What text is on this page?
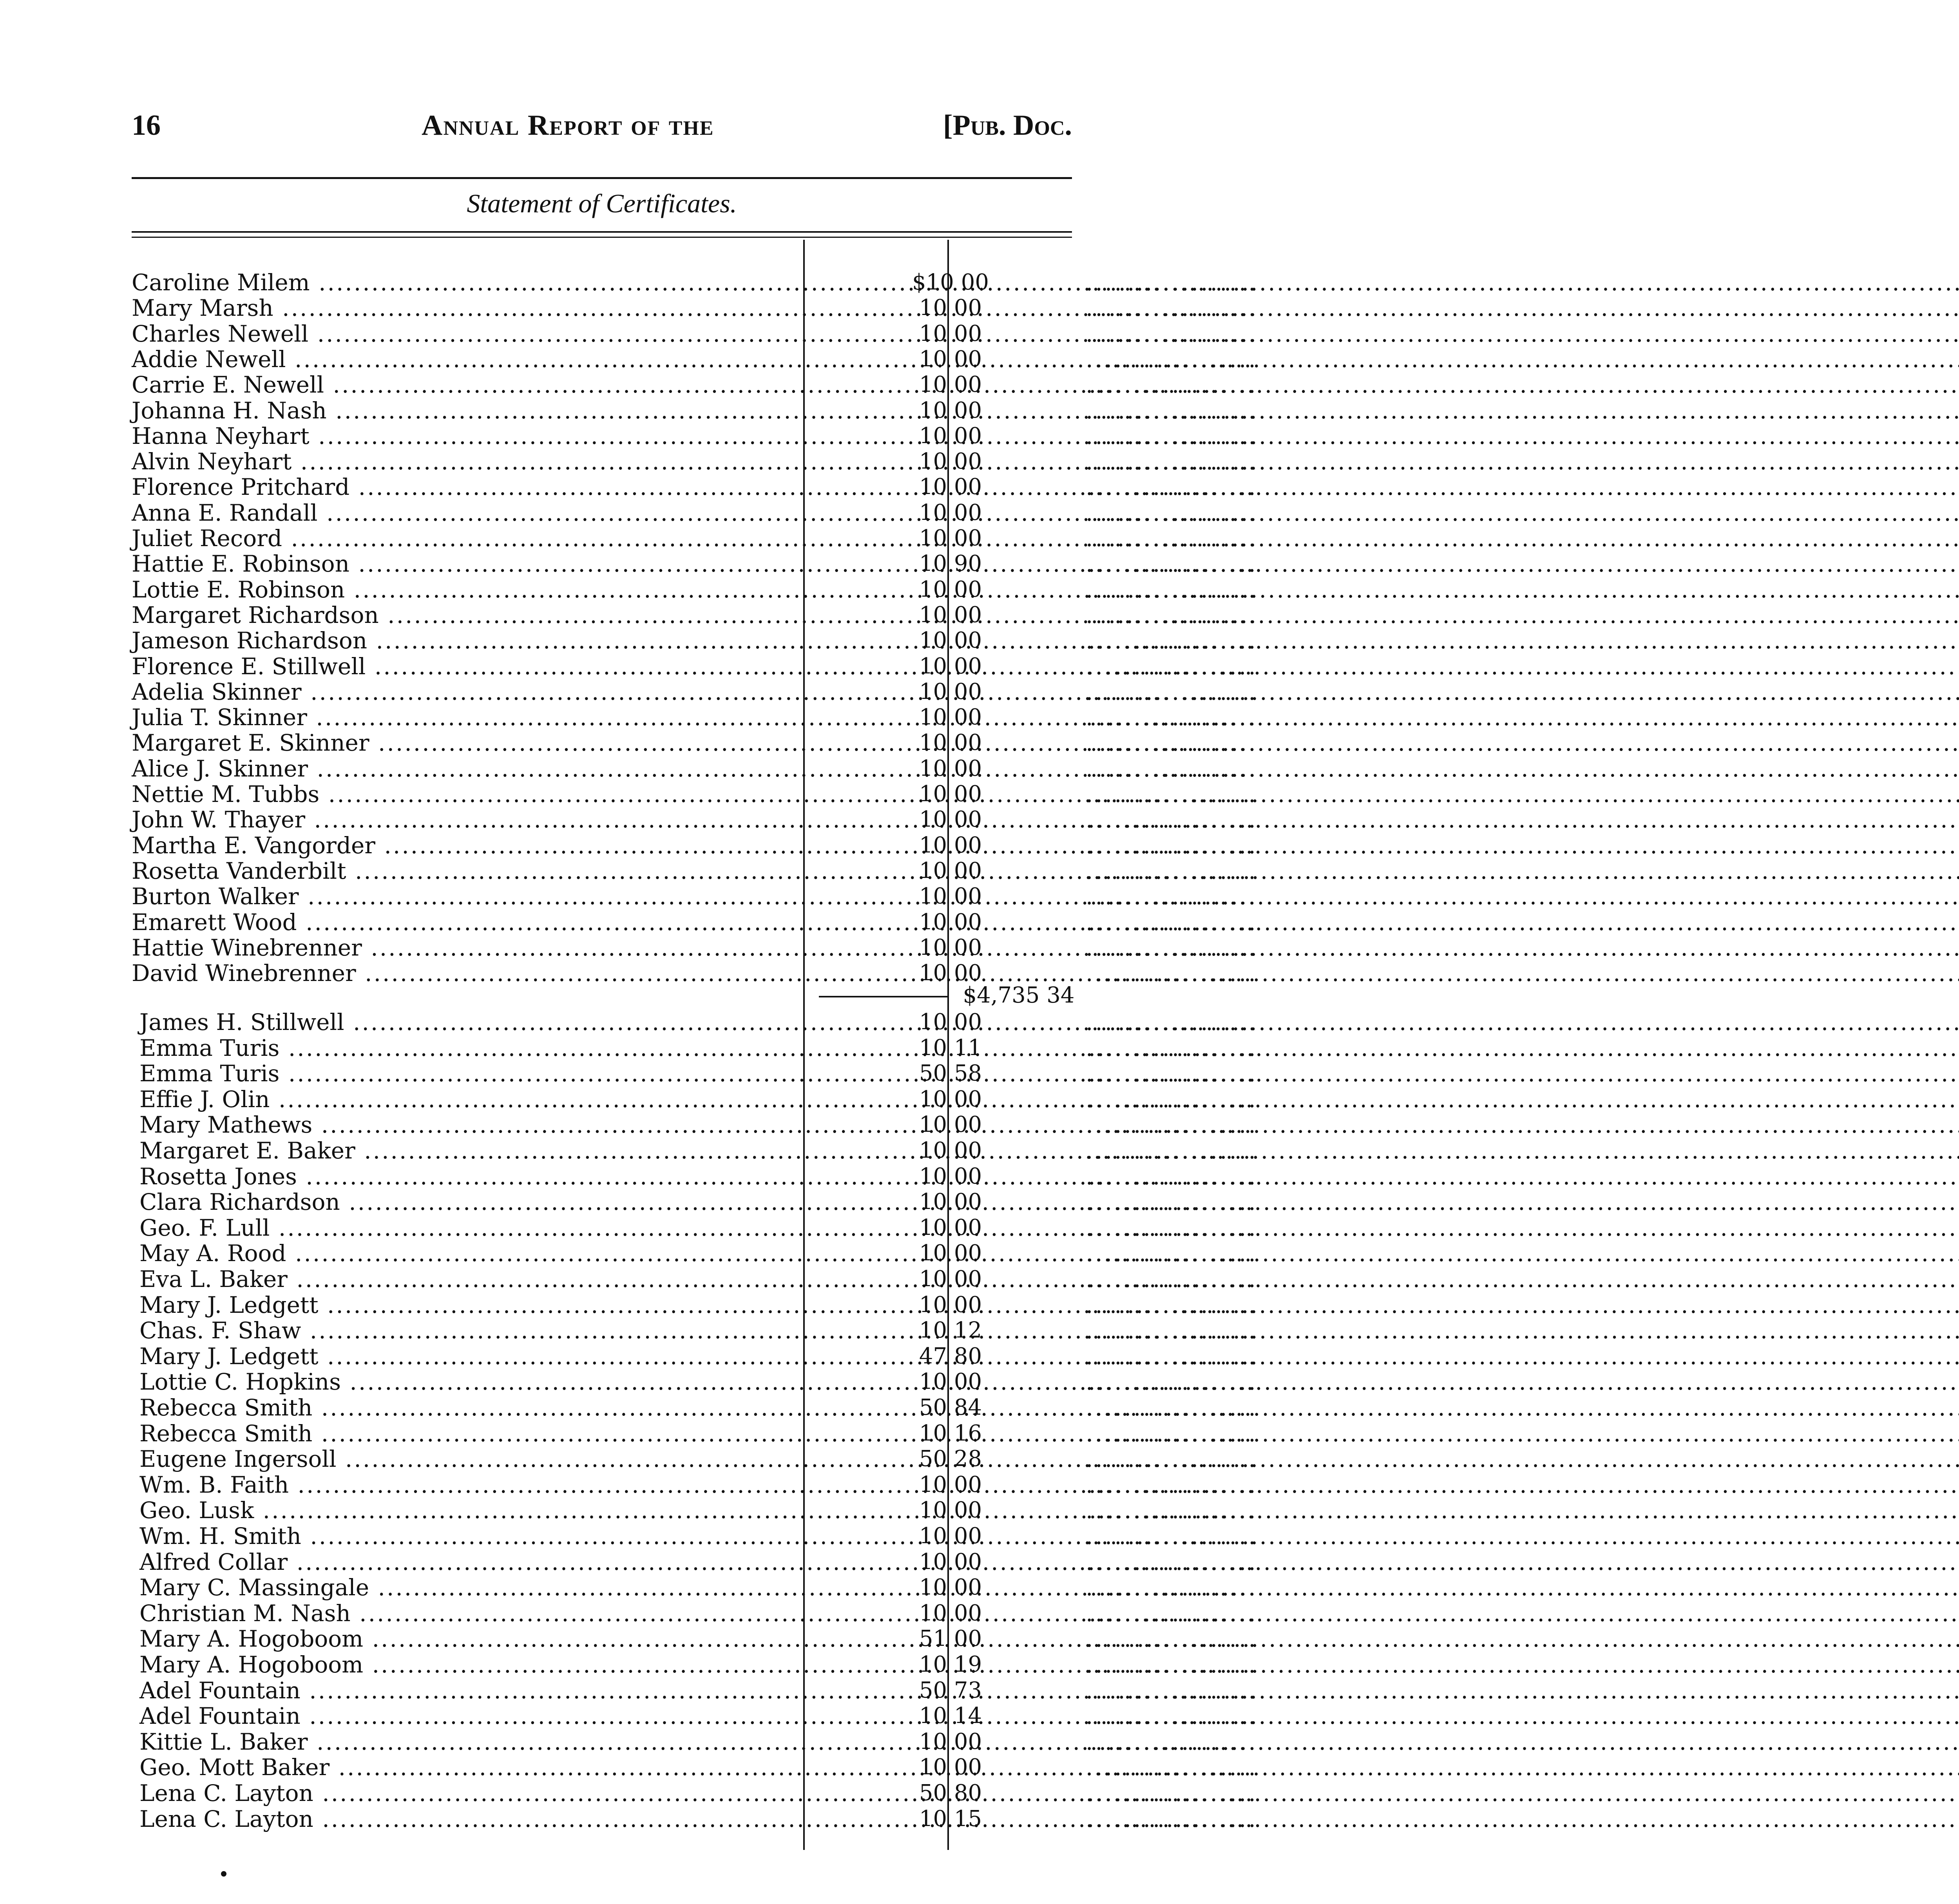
16	Annual Report of the	[Pub. Doc.
Statement of Certificates.
Caroline Milem .....	$10 00	..................
Mary Marsh .....	10 00	..................
Charles Newell .....	10 00	..................
Addie Newell .....	10 00	..................
Carrie E. Newell .....	10 00	..................
Johanna H. Nash .....	10 00	..................
Hanna Neyhart .....	10 00	..................
Alvin Neyhart .....	10 00	..................
Florence Pritchard .....	10 00	..................
Anna E. Randall .....	10 00	..................
Juliet Record .....	10 00	..................
Hattie E. Robinson .....	10 90	..................
Lottie E. Robinson .....	10 00	..................
Margaret Richardson .....	10 00	..................
Jameson Richardson .....	10 00	..................
Florence E. Stillwell .....	10 00	..................
Adelia Skinner .....	10 00	..................
Julia T. Skinner .....	10 00	..................
Margaret E. Skinner .....	10 00	..................
Alice J. Skinner .....	10 00	..................
Nettie M. Tubbs .....	10 00	..................
John W. Thayer .....	10 00	..................
Martha E. Vangorder .....	10 00	..................
Rosetta Vanderbilt .....	10 00	..................
Burton Walker .....	10 00	..................
Emarett Wood .....	10 00	..................
Hattie Winebrenner .....	10 00	..................
David Winebrenner .....	10 00	..................
$4,735 34
James H. Stillwell .....	10 00	..................
Emma Turis .....	10 11	..................
Emma Turis .....	50 58	..................
Effie J. Olin .....	10 00	..................
Mary Mathews .....	10 00	..................
Margaret E. Baker .....	10 00	..................
Rosetta Jones .....	10 00	..................
Clara Richardson .....	10 00	..................
Geo. F. Lull .....	10 00	..................
May A. Rood .....	10 00	..................
Eva L. Baker .....	10 00	..................
Mary J. Ledgett .....	10 00	..................
Chas. F. Shaw .....	10 12	..................
Mary J. Ledgett .....	47 80	..................
Lottie C. Hopkins .....	10 00	..................
Rebecca Smith .....	50 84	..................
Rebecca Smith .....	10 16	..................
Eugene Ingersoll .....	50 28	..................
Wm. B. Faith .....	10 00	..................
Geo. Lusk .....	10 00	..................
Wm. H. Smith .....	10 00	..................
Alfred Collar .....	10 00	..................
Mary C. Massingale .....	10 00	..................
Christian M. Nash .....	10 00	..................
Mary A. Hogoboom .....	51 00	..................
Mary A. Hogoboom .....	10 19	..................
Adel Fountain .....	50 73	..................
Adel Fountain .....	10 14	..................
Kittie L. Baker .....	10 00	..................
Geo. Mott Baker .....	10 00	..................
Lena C. Layton .....	50 80	..................
Lena C. Layton .....	10 15	..................
